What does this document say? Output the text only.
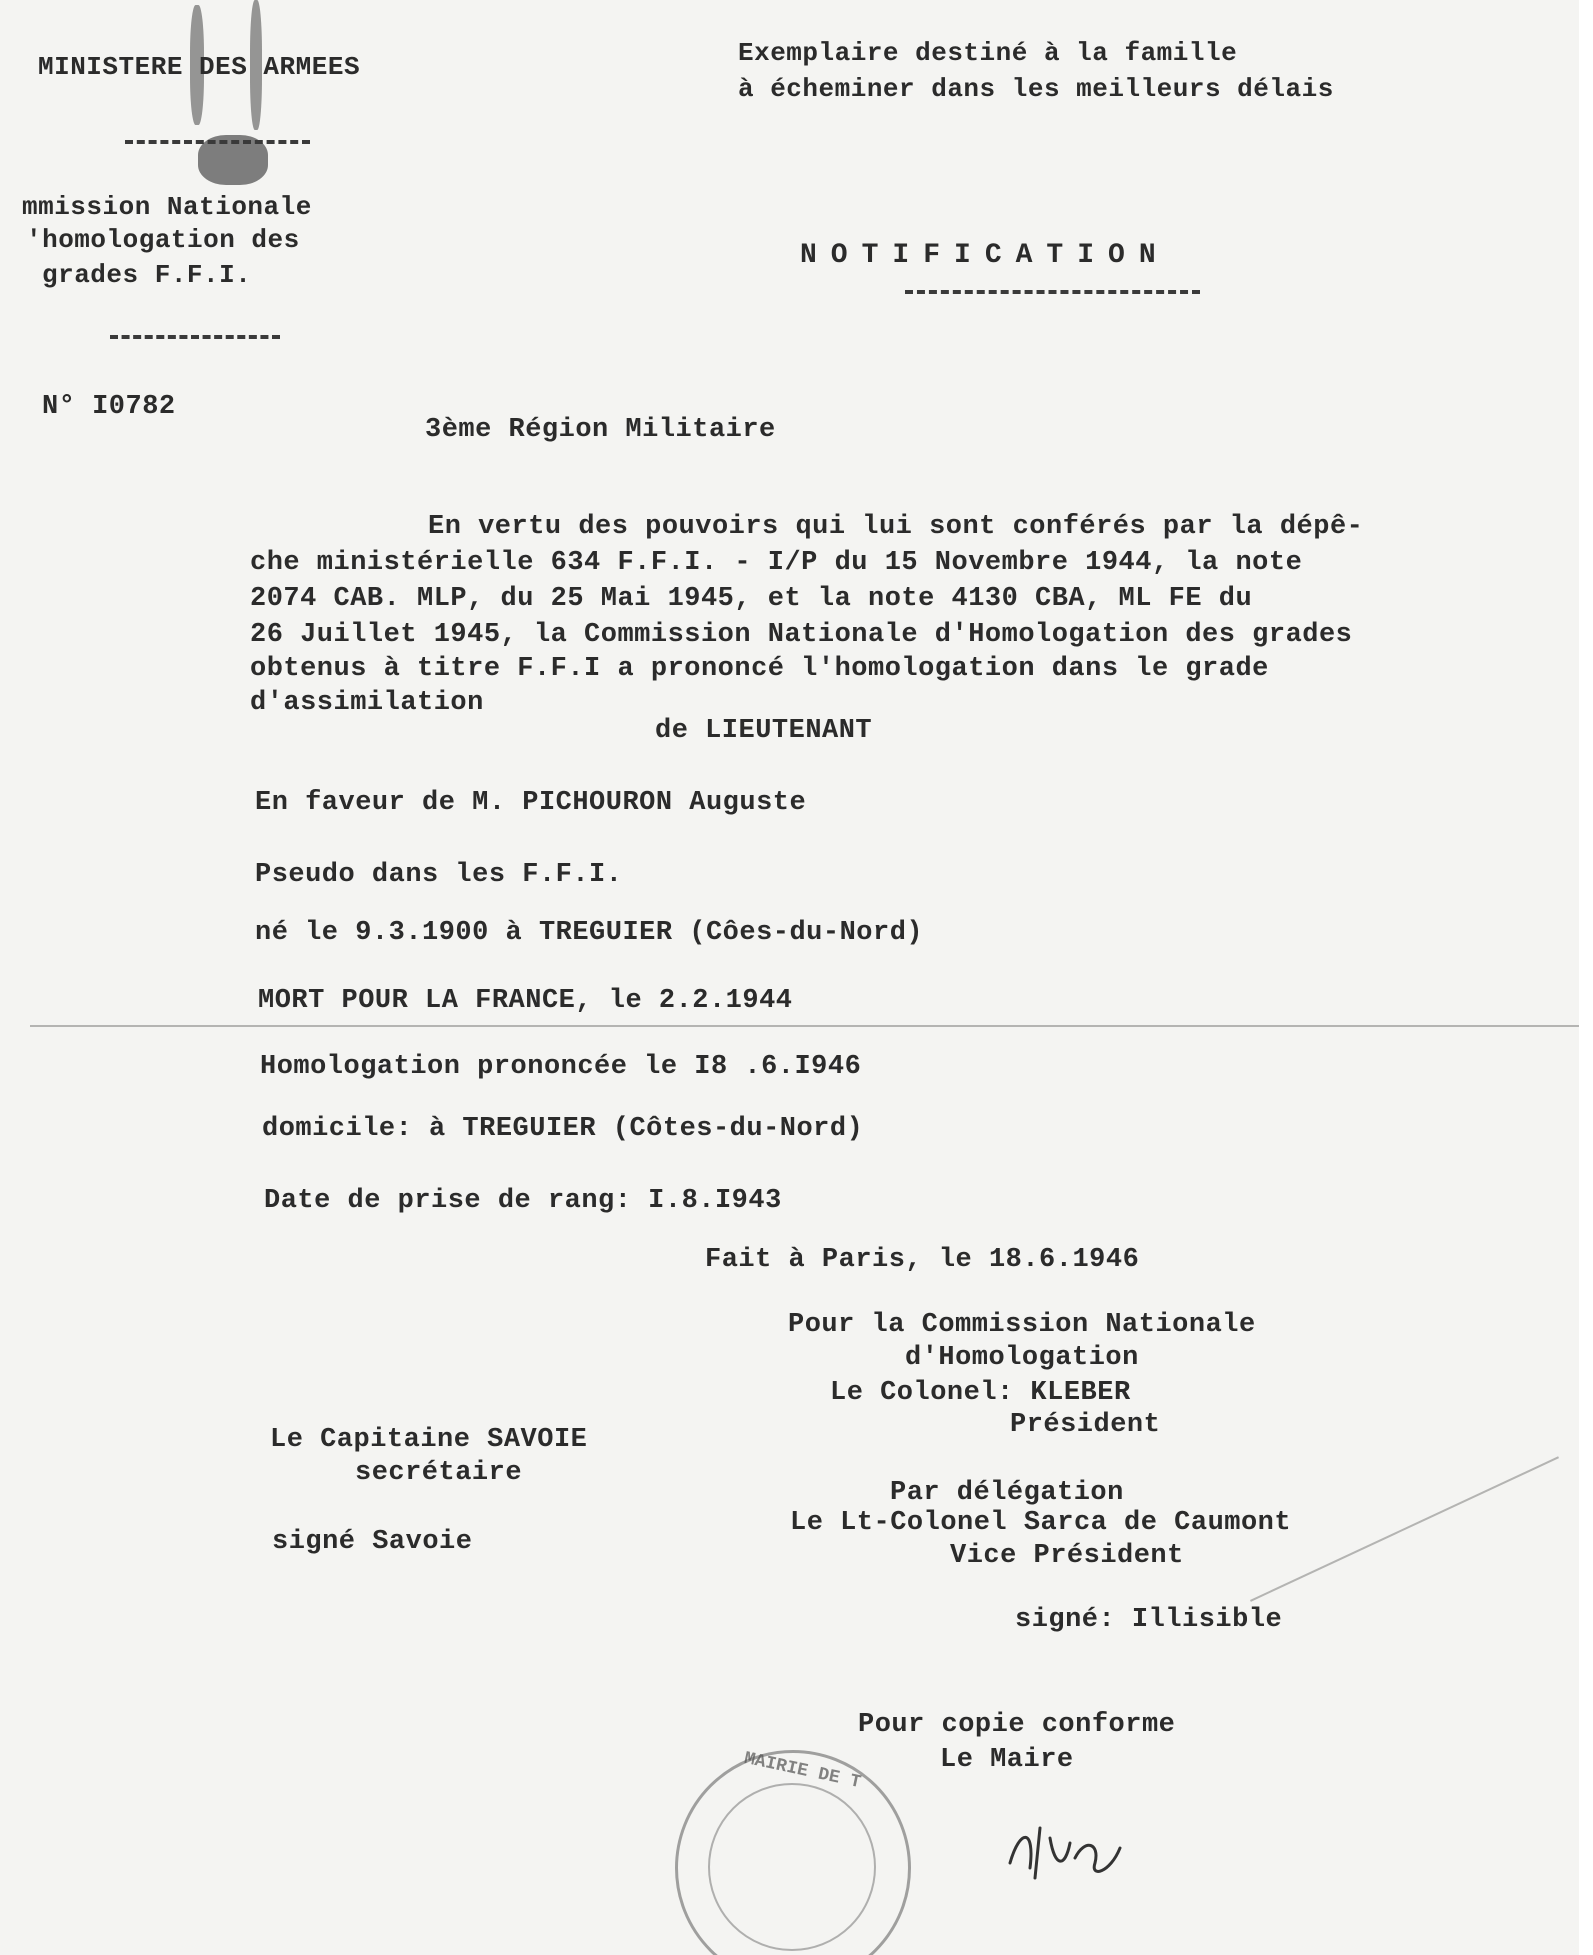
MINISTERE DES ARMEES
mmission Nationale
'homologation des
grades F.F.I.
N° I0782
Exemplaire destiné à la famille
à écheminer dans les meilleurs délais
NOTIFICATION
3ème Région Militaire
En vertu des pouvoirs qui lui sont conférés par la dépê-
che ministérielle 634 F.F.I. - I/P du 15 Novembre 1944, la note
2074 CAB. MLP, du 25 Mai 1945, et la note 4130 CBA, ML FE du
26 Juillet 1945, la Commission Nationale d'Homologation des grades
obtenus à titre F.F.I a prononcé l'homologation dans le grade
d'assimilation
de LIEUTENANT
En faveur de M. PICHOURON Auguste
Pseudo dans les F.F.I.
né le 9.3.1900 à TREGUIER (Côes-du-Nord)
MORT POUR LA FRANCE, le 2.2.1944
Homologation prononcée le I8 .6.I946
domicile: à TREGUIER (Côtes-du-Nord)
Date de prise de rang: I.8.I943
Fait à Paris, le 18.6.1946
Pour la Commission Nationale
d'Homologation
Le Colonel: KLEBER
Président
Par délégation
Le Lt-Colonel Sarca de Caumont
Vice Président
signé: Illisible
Le Capitaine SAVOIE
secrétaire
signé Savoie
Pour copie conforme
Le Maire
MAIRIE DE T
